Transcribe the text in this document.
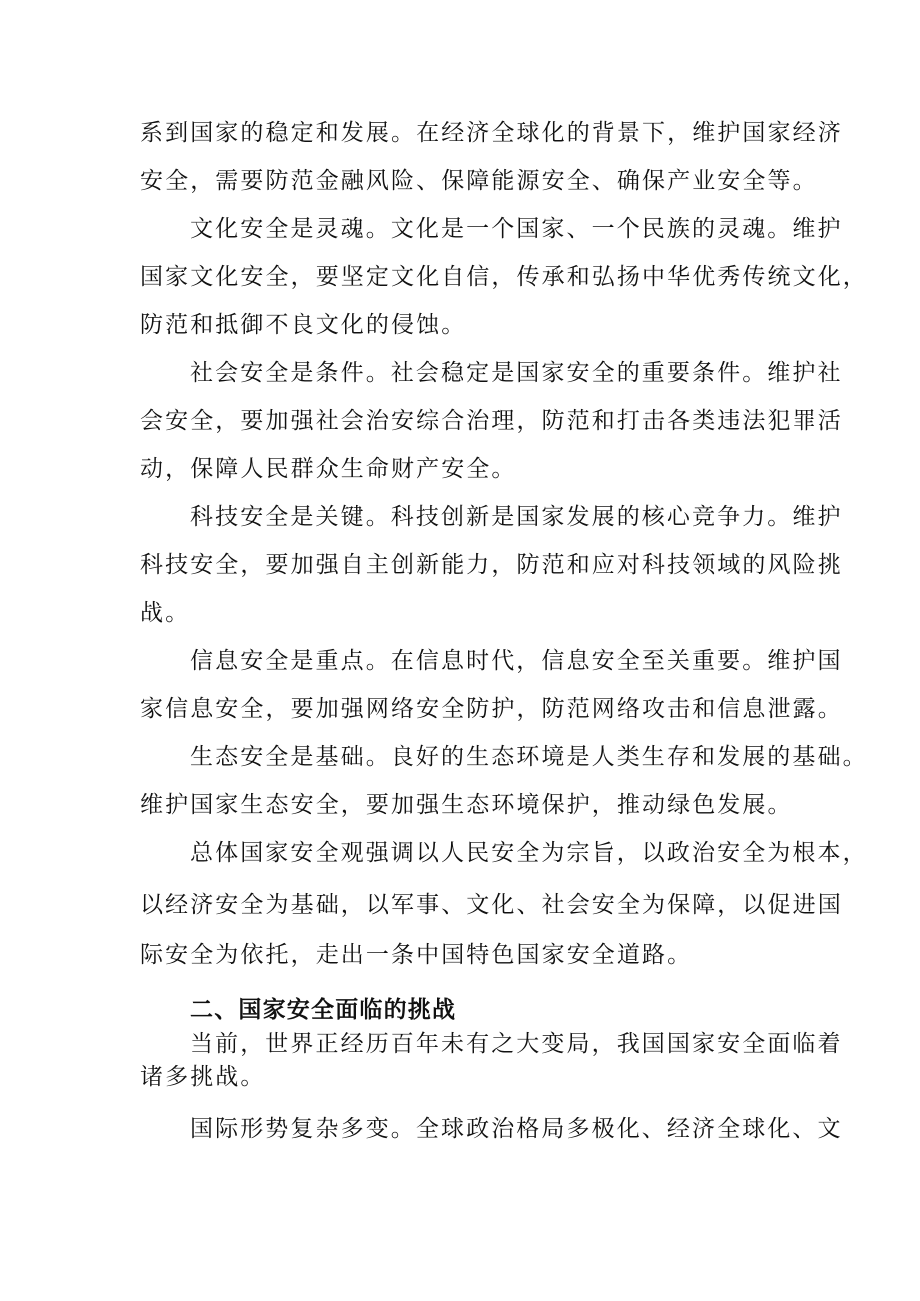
系到国家的稳定和发展。在经济全球化的背景下，维护国家经济
安全，需要防范金融风险、保障能源安全、确保产业安全等。
文化安全是灵魂。文化是一个国家、一个民族的灵魂。维护
国家文化安全，要坚定文化自信，传承和弘扬中华优秀传统文化，
防范和抵御不良文化的侵蚀。
社会安全是条件。社会稳定是国家安全的重要条件。维护社
会安全，要加强社会治安综合治理，防范和打击各类违法犯罪活
动，保障人民群众生命财产安全。
科技安全是关键。科技创新是国家发展的核心竞争力。维护
科技安全，要加强自主创新能力，防范和应对科技领域的风险挑
战。
信息安全是重点。在信息时代，信息安全至关重要。维护国
家信息安全，要加强网络安全防护，防范网络攻击和信息泄露。
生态安全是基础。良好的生态环境是人类生存和发展的基础。
维护国家生态安全，要加强生态环境保护，推动绿色发展。
总体国家安全观强调以人民安全为宗旨，以政治安全为根本，
以经济安全为基础，以军事、文化、社会安全为保障，以促进国
际安全为依托，走出一条中国特色国家安全道路。
二、国家安全面临的挑战
当前，世界正经历百年未有之大变局，我国国家安全面临着
诸多挑战。
国际形势复杂多变。全球政治格局多极化、经济全球化、文
